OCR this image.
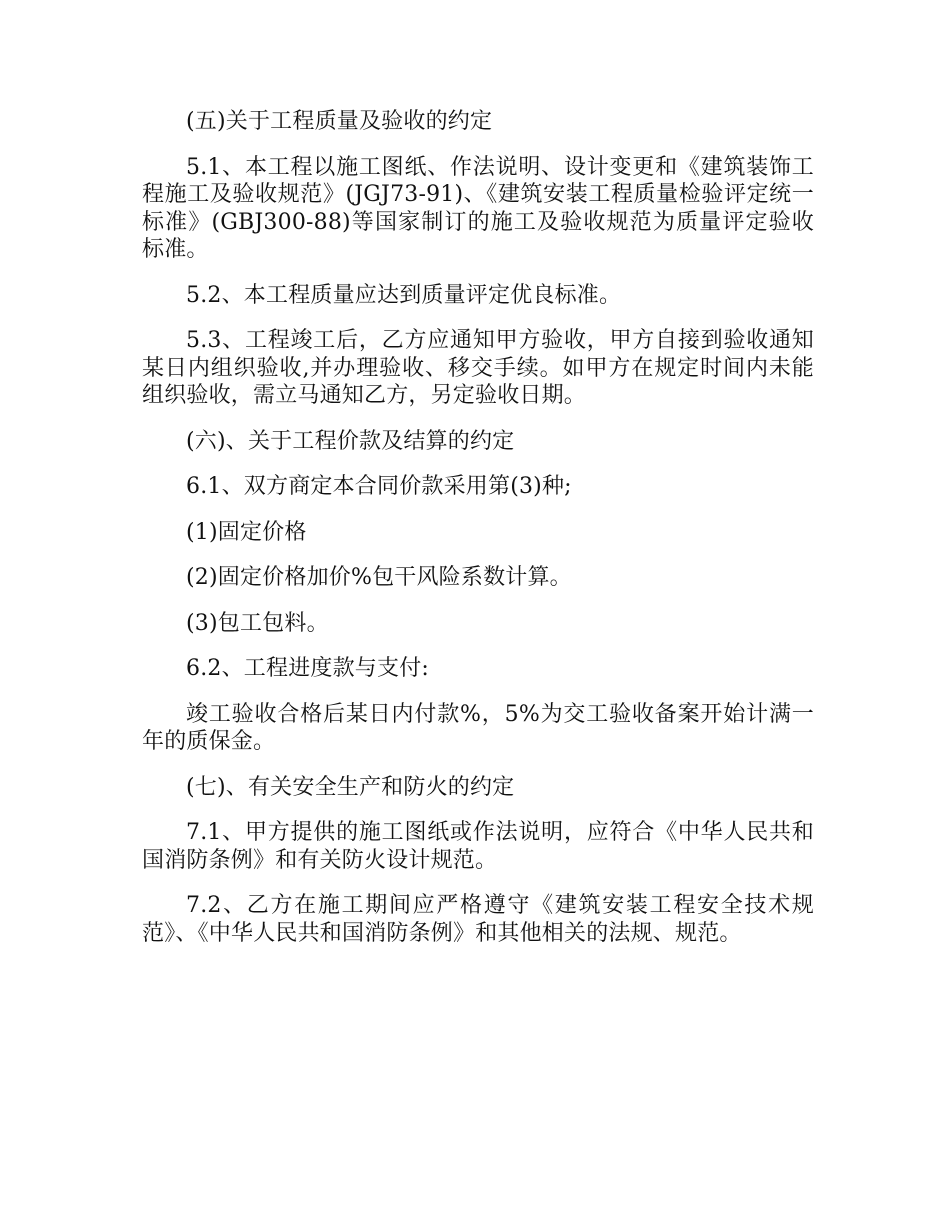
(五)关于工程质量及验收的约定

5.1、本工程以施工图纸、作法说明、设计变更和《建筑装饰工程施工及验收规范》(JGJ73-91)、《建筑安装工程质量检验评定统一标准》(GBJ300-88)等国家制订的施工及验收规范为质量评定验收标准。

5.2、本工程质量应达到质量评定优良标准。

5.3、工程竣工后，乙方应通知甲方验收，甲方自接到验收通知某日内组织验收,并办理验收、移交手续。如甲方在规定时间内未能组织验收，需立马通知乙方，另定验收日期。

(六)、关于工程价款及结算的约定

6.1、双方商定本合同价款采用第(3)种;

(1)固定价格

(2)固定价格加价%包干风险系数计算。

(3)包工包料。

6.2、工程进度款与支付:

竣工验收合格后某日内付款%，5%为交工验收备案开始计满一年的质保金。

(七)、有关安全生产和防火的约定

7.1、甲方提供的施工图纸或作法说明，应符合《中华人民共和国消防条例》和有关防火设计规范。

7.2、乙方在施工期间应严格遵守《建筑安装工程安全技术规范》、《中华人民共和国消防条例》和其他相关的法规、规范。
